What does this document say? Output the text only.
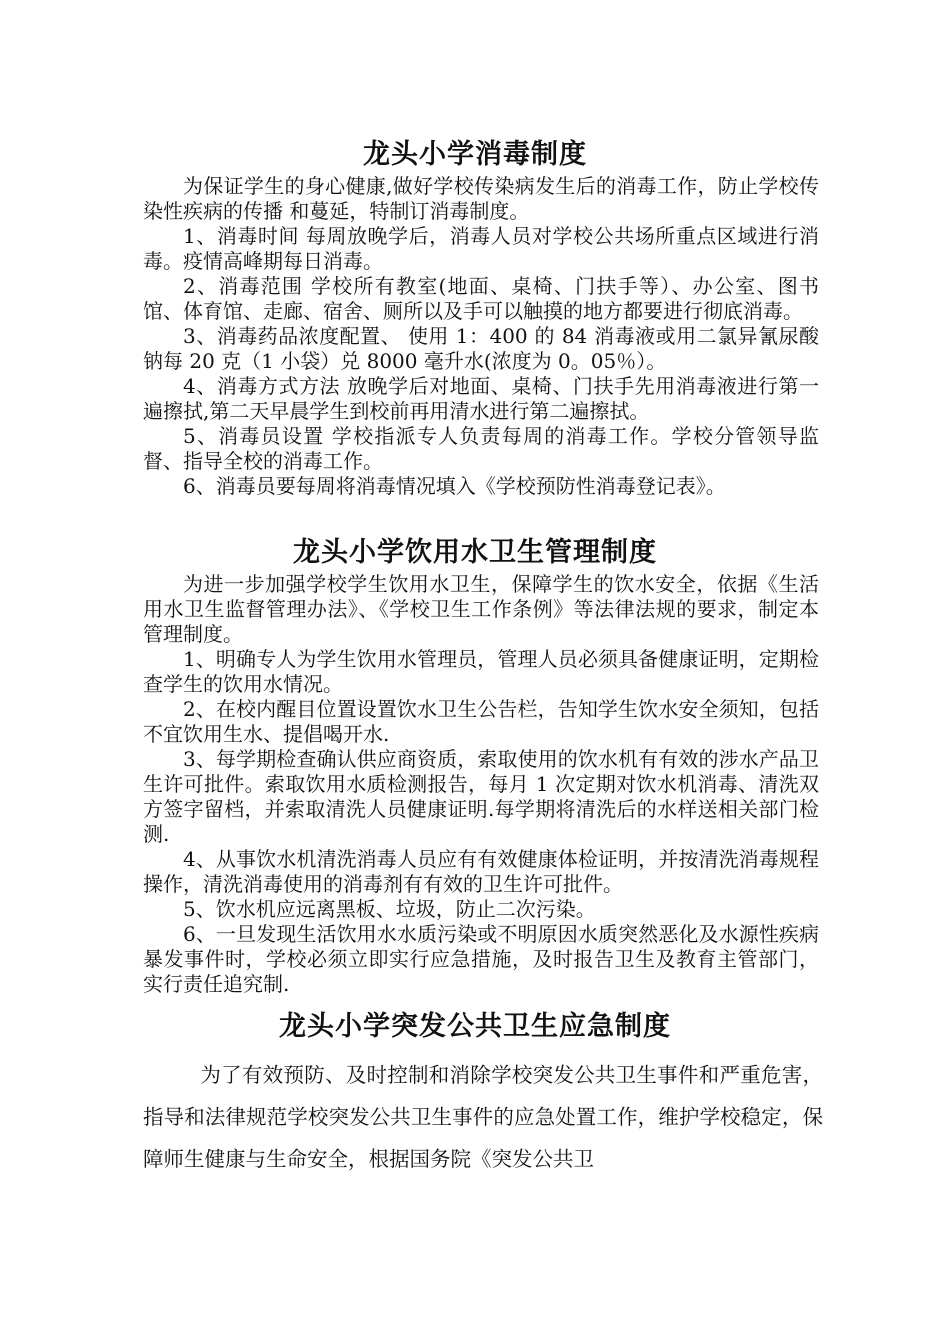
龙头小学消毒制度

为保证学生的身心健康,做好学校传染病发生后的消毒工作，防止学校传染性疾病的传播 和蔓延，特制订消毒制度。

1、消毒时间 每周放晚学后，消毒人员对学校公共场所重点区域进行消毒。疫情高峰期每日消毒。

2、消毒范围 学校所有教室(地面、桌椅、门扶手等）、办公室、图书馆、体育馆、走廊、宿舍、厕所以及手可以触摸的地方都要进行彻底消毒。

3、消毒药品浓度配置、 使用 1：400 的 84 消毒液或用二氯异氰尿酸钠每 20 克（1 小袋）兑 8000 毫升水(浓度为 0。05％）。

4、消毒方式方法 放晚学后对地面、桌椅、门扶手先用消毒液进行第一遍擦拭,第二天早晨学生到校前再用清水进行第二遍擦拭。

5、消毒员设置 学校指派专人负责每周的消毒工作。学校分管领导监督、指导全校的消毒工作。

6、消毒员要每周将消毒情况填入《学校预防性消毒登记表》。

龙头小学饮用水卫生管理制度

为进一步加强学校学生饮用水卫生，保障学生的饮水安全，依据《生活用水卫生监督管理办法》、《学校卫生工作条例》等法律法规的要求，制定本管理制度。

1、明确专人为学生饮用水管理员，管理人员必须具备健康证明，定期检查学生的饮用水情况。

2、在校内醒目位置设置饮水卫生公告栏，告知学生饮水安全须知，包括不宜饮用生水、提倡喝开水.

3、每学期检查确认供应商资质，索取使用的饮水机有有效的涉水产品卫生许可批件。索取饮用水质检测报告，每月 1 次定期对饮水机消毒、清洗双方签字留档，并索取清洗人员健康证明.每学期将清洗后的水样送相关部门检测.

4、从事饮水机清洗消毒人员应有有效健康体检证明，并按清洗消毒规程操作，清洗消毒使用的消毒剂有有效的卫生许可批件。

5、饮水机应远离黑板、垃圾，防止二次污染。

6、一旦发现生活饮用水水质污染或不明原因水质突然恶化及水源性疾病暴发事件时，学校必须立即实行应急措施，及时报告卫生及教育主管部门，实行责任追究制.

龙头小学突发公共卫生应急制度

为了有效预防、及时控制和消除学校突发公共卫生事件和严重危害，指导和法律规范学校突发公共卫生事件的应急处置工作，维护学校稳定，保障师生健康与生命安全，根据国务院《突发公共卫
